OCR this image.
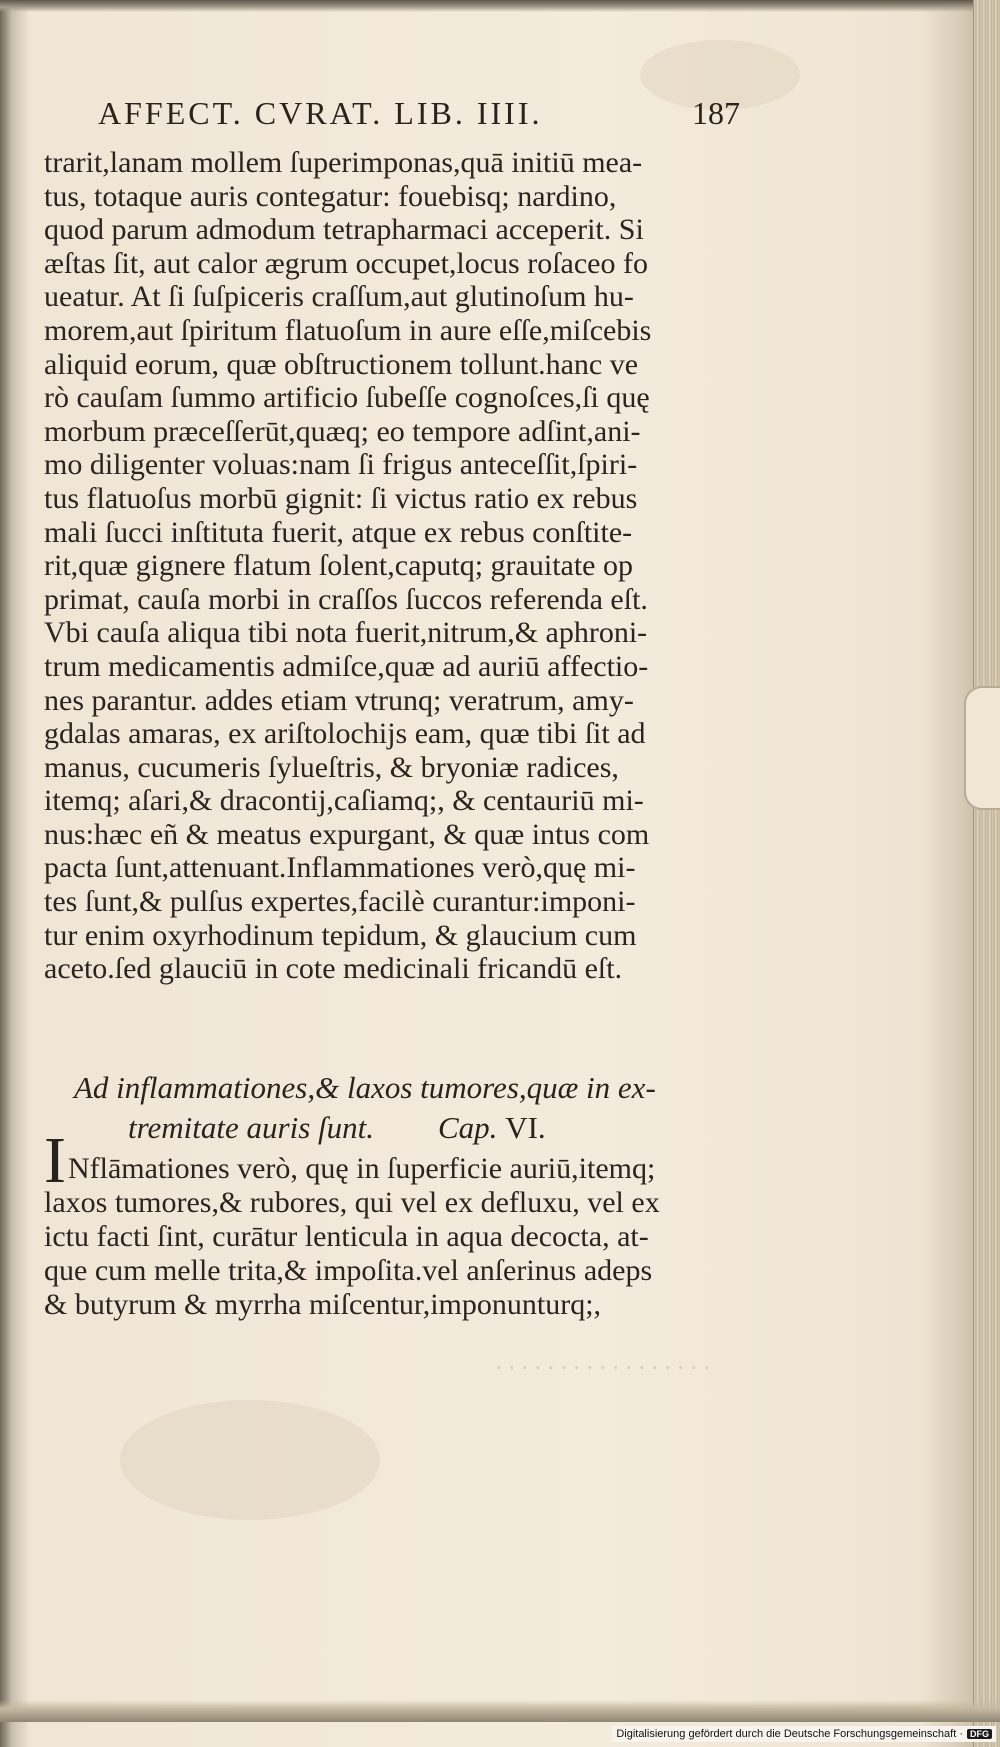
AFFECT. CVRAT. LIB. IIII.	187
trarit,lanam mollem ſuperimponas,quā initiū mea-
tus, totaque auris contegatur: fouebisq; nardino,
quod parum admodum tetrapharmaci acceperit. Si
æſtas ſit, aut calor ægrum occupet,locus roſaceo fo
ueatur. At ſi ſuſpiceris craſſum,aut glutinoſum hu-
morem,aut ſpiritum flatuoſum in aure eſſe,miſcebis
aliquid eorum, quæ obſtructionem tollunt.hanc ve
rò cauſam ſummo artificio ſubeſſe cognoſces,ſi quę
morbum præceſſerūt,quæq; eo tempore adſint,ani-
mo diligenter voluas:nam ſi frigus anteceſſit,ſpiri-
tus flatuoſus morbū gignit: ſi victus ratio ex rebus
mali ſucci inſtituta fuerit, atque ex rebus conſtite-
rit,quæ gignere flatum ſolent,caputq; grauitate op
primat, cauſa morbi in craſſos ſuccos referenda eſt.
Vbi cauſa aliqua tibi nota fuerit,nitrum,& aphroni-
trum medicamentis admiſce,quæ ad auriū affectio-
nes parantur. addes etiam vtrunq; veratrum, amy-
gdalas amaras, ex ariſtolochijs eam, quæ tibi ſit ad
manus, cucumeris ſylueſtris, & bryoniæ radices,
itemq; aſari,& dracontij,caſiamq;, & centauriū mi-
nus:hæc eñ & meatus expurgant, & quæ intus com
pacta ſunt,attenuant.Inflammationes verò,quę mi-
tes ſunt,& pulſus expertes,facilè curantur:imponi-
tur enim oxyrhodinum tepidum, & glaucium cum
aceto.ſed glauciū in cote medicinali fricandū eſt.
Ad inflammationes,& laxos tumores,quæ in ex-
tremitate auris ſunt. Cap. VI.
I Nflāmationes verò, quę in ſuperficie auriū,itemq;
laxos tumores,& rubores, qui vel ex defluxu, vel ex
ictu facti ſint, curātur lenticula in aqua decocta, at-
que cum melle trita,& impoſita.vel anſerinus adeps
& butyrum & myrrha miſcentur,imponunturq;,
. . . . . . . . . . . . . . . . .
Digitalisierung gefördert durch die Deutsche Forschungsgemeinschaft · DFG
